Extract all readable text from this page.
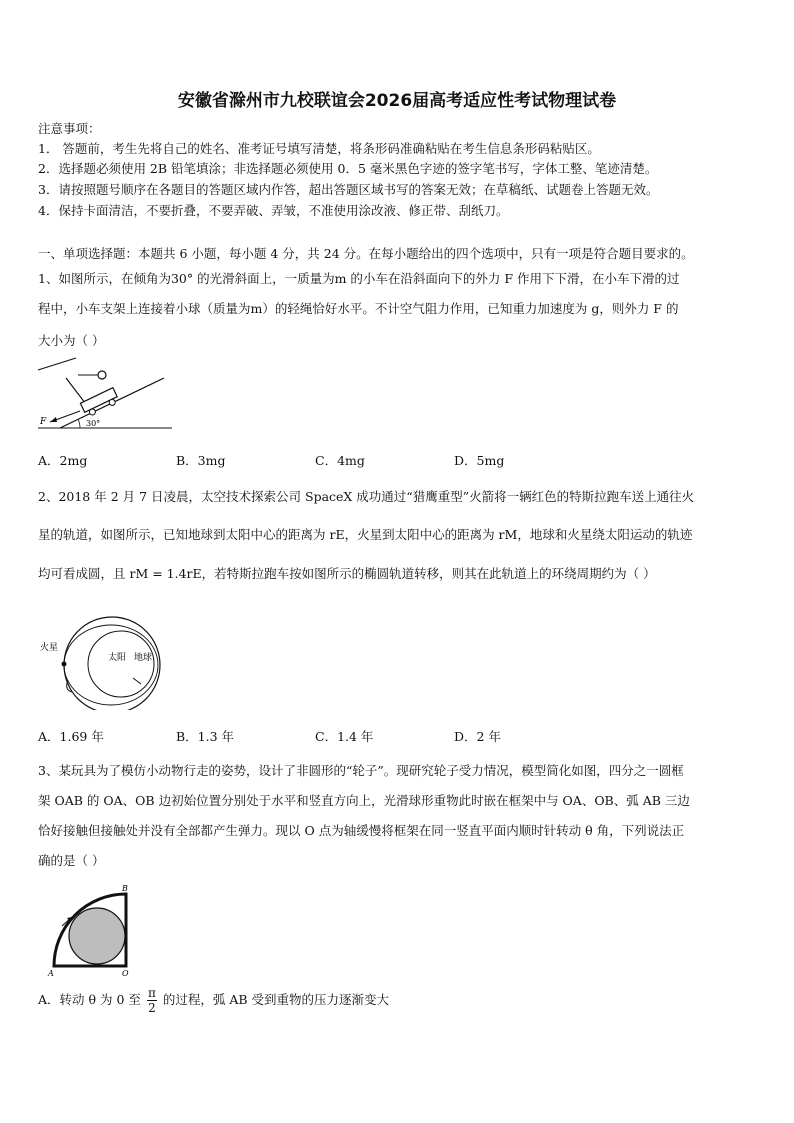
安徽省滁州市九校联谊会2026届高考适应性考试物理试卷
注意事项：
1． 答题前，考生先将自己的姓名、准考证号填写清楚，将条形码准确粘贴在考生信息条形码粘贴区。
2．选择题必须使用 2B 铅笔填涂；非选择题必须使用 0．5 毫米黑色字迹的签字笔书写，字体工整、笔迹清楚。
3．请按照题号顺序在各题目的答题区域内作答，超出答题区域书写的答案无效；在草稿纸、试题卷上答题无效。
4．保持卡面清洁，不要折叠，不要弄破、弄皱，不准使用涂改液、修正带、刮纸刀。
一、单项选择题：本题共 6 小题，每小题 4 分，共 24 分。在每小题给出的四个选项中，只有一项是符合题目要求的。
1、如图所示，在倾角为30° 的光滑斜面上，一质量为m 的小车在沿斜面向下的外力 F 作用下下滑，在小车下滑的过
程中，小车支架上连接着小球（质量为m）的轻绳恰好水平。不计空气阻力作用，已知重力加速度为 g，则外力 F 的
大小为（ ）
F	30°
A．2mg	B．3mg	C．4mg	D．5mg
2、2018 年 2 月 7 日凌晨，太空技术探索公司 SpaceX 成功通过“猎鹰重型”火箭将一辆红色的特斯拉跑车送上通往火
星的轨道，如图所示，已知地球到太阳中心的距离为 rE，火星到太阳中心的距离为 rM，地球和火星绕太阳运动的轨迹
均可看成圆，且 rM = 1.4rE，若特斯拉跑车按如图所示的椭圆轨道转移，则其在此轨道上的环绕周期约为（ ）
火星
太阳 地球
A．1.69 年	B．1.3 年	C．1.4 年	D．2 年
3、某玩具为了模仿小动物行走的姿势，设计了非圆形的“轮子”。现研究轮子受力情况，模型简化如图，四分之一圆框
架 OAB 的 OA、OB 边初始位置分别处于水平和竖直方向上，光滑球形重物此时嵌在框架中与 OA、OB、弧 AB 三边
恰好接触但接触处并没有全部都产生弹力。现以 O 点为轴缓慢将框架在同一竖直平面内顺时针转动 θ 角，下列说法正
确的是（ ）
A
B
O
A．转动 θ 为 0 至 $\frac{\pi}{2}$ 的过程，弧 AB 受到重物的压力逐渐变大
